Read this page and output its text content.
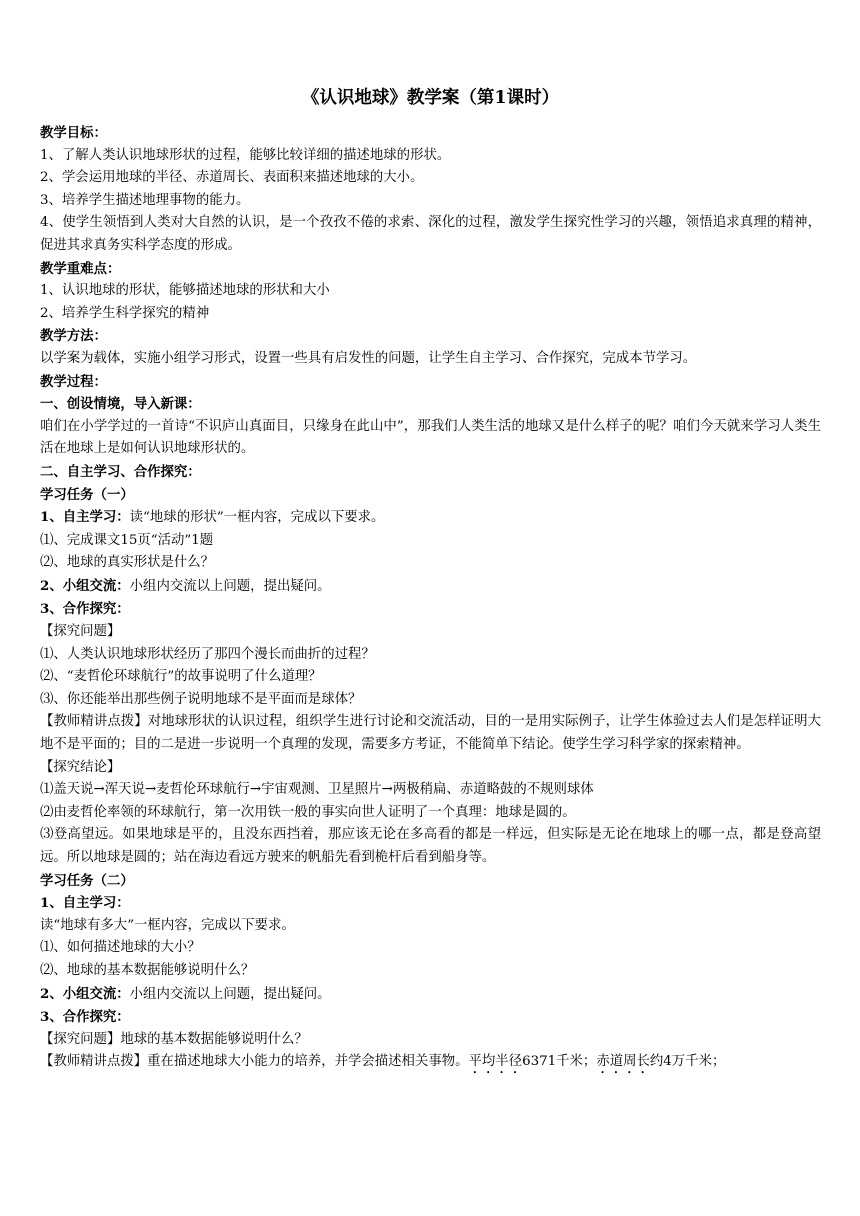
《认识地球》教学案（第1课时）

教学目标：

1、了解人类认识地球形状的过程，能够比较详细的描述地球的形状。

2、学会运用地球的半径、赤道周长、表面积来描述地球的大小。

3、培养学生描述地理事物的能力。

4、使学生领悟到人类对大自然的认识，是一个孜孜不倦的求索、深化的过程，激发学生探究性学习的兴趣，领悟追求真理的精神，促进其求真务实科学态度的形成。

教学重难点：

1、认识地球的形状，能够描述地球的形状和大小

2、培养学生科学探究的精神

教学方法：

以学案为载体，实施小组学习形式，设置一些具有启发性的问题，让学生自主学习、合作探究，完成本节学习。

教学过程：

一、创设情境，导入新课：

咱们在小学学过的一首诗“不识庐山真面目，只缘身在此山中”，那我们人类生活的地球又是什么样子的呢？咱们今天就来学习人类生活在地球上是如何认识地球形状的。

二、自主学习、合作探究：

学习任务（一）

1、自主学习：读“地球的形状”一框内容，完成以下要求。

⑴、完成课文15页“活动”1题

⑵、地球的真实形状是什么？

2、小组交流：小组内交流以上问题，提出疑问。

3、合作探究：

【探究问题】

⑴、人类认识地球形状经历了那四个漫长而曲折的过程？

⑵、“麦哲伦环球航行”的故事说明了什么道理？

⑶、你还能举出那些例子说明地球不是平面而是球体？

【教师精讲点拨】对地球形状的认识过程，组织学生进行讨论和交流活动，目的一是用实际例子，让学生体验过去人们是怎样证明大地不是平面的；目的二是进一步说明一个真理的发现，需要多方考证，不能简单下结论。使学生学习科学家的探索精神。

【探究结论】

⑴盖天说→浑天说→麦哲伦环球航行→宇宙观测、卫星照片→两极稍扁、赤道略鼓的不规则球体

⑵由麦哲伦率领的环球航行，第一次用铁一般的事实向世人证明了一个真理：地球是圆的。

⑶登高望远。如果地球是平的，且没东西挡着，那应该无论在多高看的都是一样远，但实际是无论在地球上的哪一点，都是登高望远。所以地球是圆的；站在海边看远方驶来的帆船先看到桅杆后看到船身等。

学习任务（二）

1、自主学习：

读“地球有多大”一框内容，完成以下要求。

⑴、如何描述地球的大小？

⑵、地球的基本数据能够说明什么？

2、小组交流：小组内交流以上问题，提出疑问。

3、合作探究：

【探究问题】地球的基本数据能够说明什么？

【教师精讲点拨】重在描述地球大小能力的培养，并学会描述相关事物。平均半径6371千米；赤道周长约4万千米；
